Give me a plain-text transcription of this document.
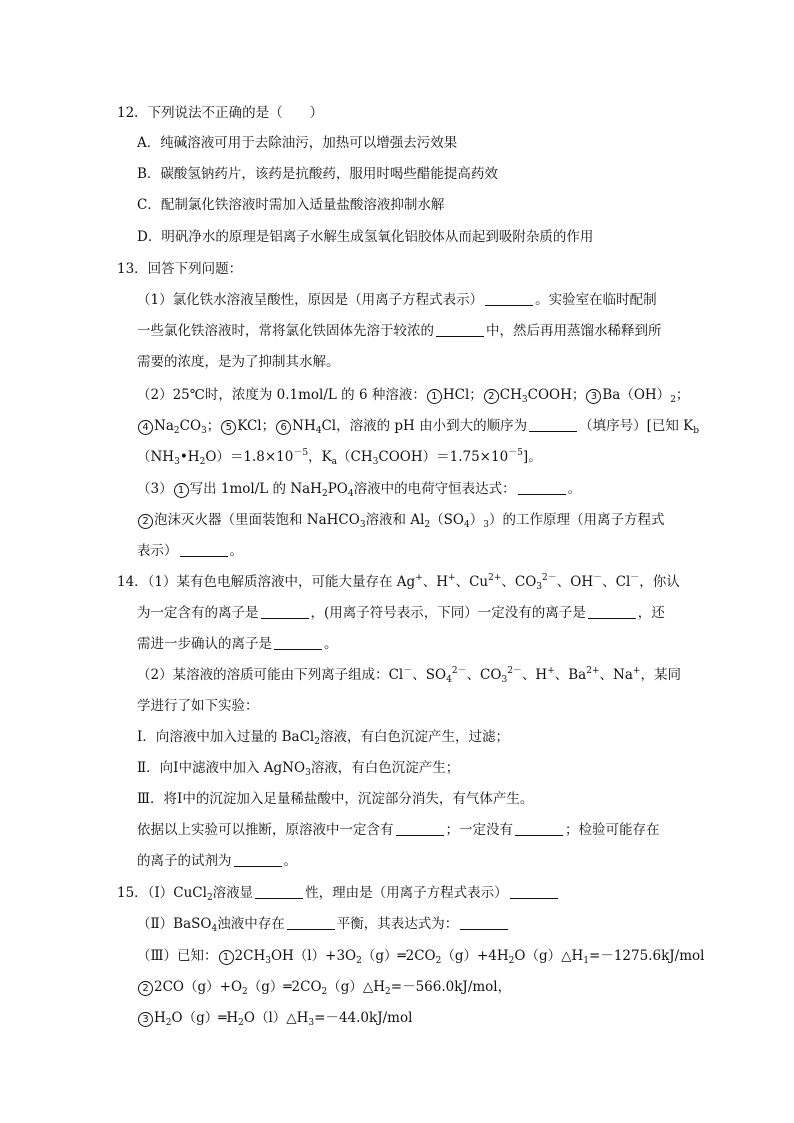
12．下列说法不正确的是（　　）
A．纯碱溶液可用于去除油污，加热可以增强去污效果
B．碳酸氢钠药片，该药是抗酸药，服用时喝些醋能提高药效
C．配制氯化铁溶液时需加入适量盐酸溶液抑制水解
D．明矾净水的原理是铝离子水解生成氢氧化铝胶体从而起到吸附杂质的作用
13．回答下列问题：
（1）氯化铁水溶液呈酸性，原因是（用离子方程式表示）	。实验室在临时配制
一些氯化铁溶液时，常将氯化铁固体先溶于较浓的	中，然后再用蒸馏水稀释到所
需要的浓度，是为了抑制其水解。
（2）25℃时，浓度为 0.1mol/L 的 6 种溶液： 1 HCl； 2 $CH_3COOH$； 3 $Ba(OH)_2$；
4 $Na_2CO_3$； 5 KCl； 6 $NH_4Cl$，溶液的 pH 由小到大的顺序为	（填序号）[已知 $K_b$
$(NH_3•H_2O)=1.8\times 10^{-5}$，$K_a(CH_3COOH)=1.75\times 10^{-5}$]。
（3） 1 写出 1mol/L 的 $NaH_2PO_4$溶液中的电荷守恒表达式：	。
2 泡沫灭火器（里面装饱和 NaHCO$_3$溶液和 $Al_2(SO_4)_3$）的工作原理（用离子方程式
表示）	。
14．（1）某有色电解质溶液中，可能大量存在 Ag+、H+、$Cu^{2+}$、$CO_3^{2-}$、OH－、Cl－，你认
为一定含有的离子是	，(用离子符号表示，下同）一定没有的离子是	，还
需进一步确认的离子是	。
（2）某溶液的溶质可能由下列离子组成：Cl－、$SO_4^{2-}$、$CO_3^{2-}$、H+、$Ba^{2+}$、Na+，某同
学进行了如下实验：
Ⅰ．向溶液中加入过量的 BaCl$_2$溶液，有白色沉淀产生，过滤；
Ⅱ．向Ⅰ中滤液中加入 AgNO$_3$溶液，有白色沉淀产生；
Ⅲ．将Ⅰ中的沉淀加入足量稀盐酸中，沉淀部分消失，有气体产生。
依据以上实验可以推断，原溶液中一定含有	；一定没有	；检验可能存在
的离子的试剂为	。
15．（Ⅰ）CuCl$_2$溶液显	性，理由是（用离子方程式表示）
（Ⅱ）BaSO$_4$浊液中存在	平衡，其表达式为：
（Ⅲ）已知： 1 $2CH_3OH(l)+3O_2(g)═2CO_2(g)+4H_2O(g)\triangle H_1=-1275.6kJ$/mol
2 $2CO(g)+O_2(g)═2CO_2(g)\triangle H_2=-566.0kJ$/mol，
3 $H_2O(g)═H_2O(l)\triangle H_3=-44.0kJ$/mol
